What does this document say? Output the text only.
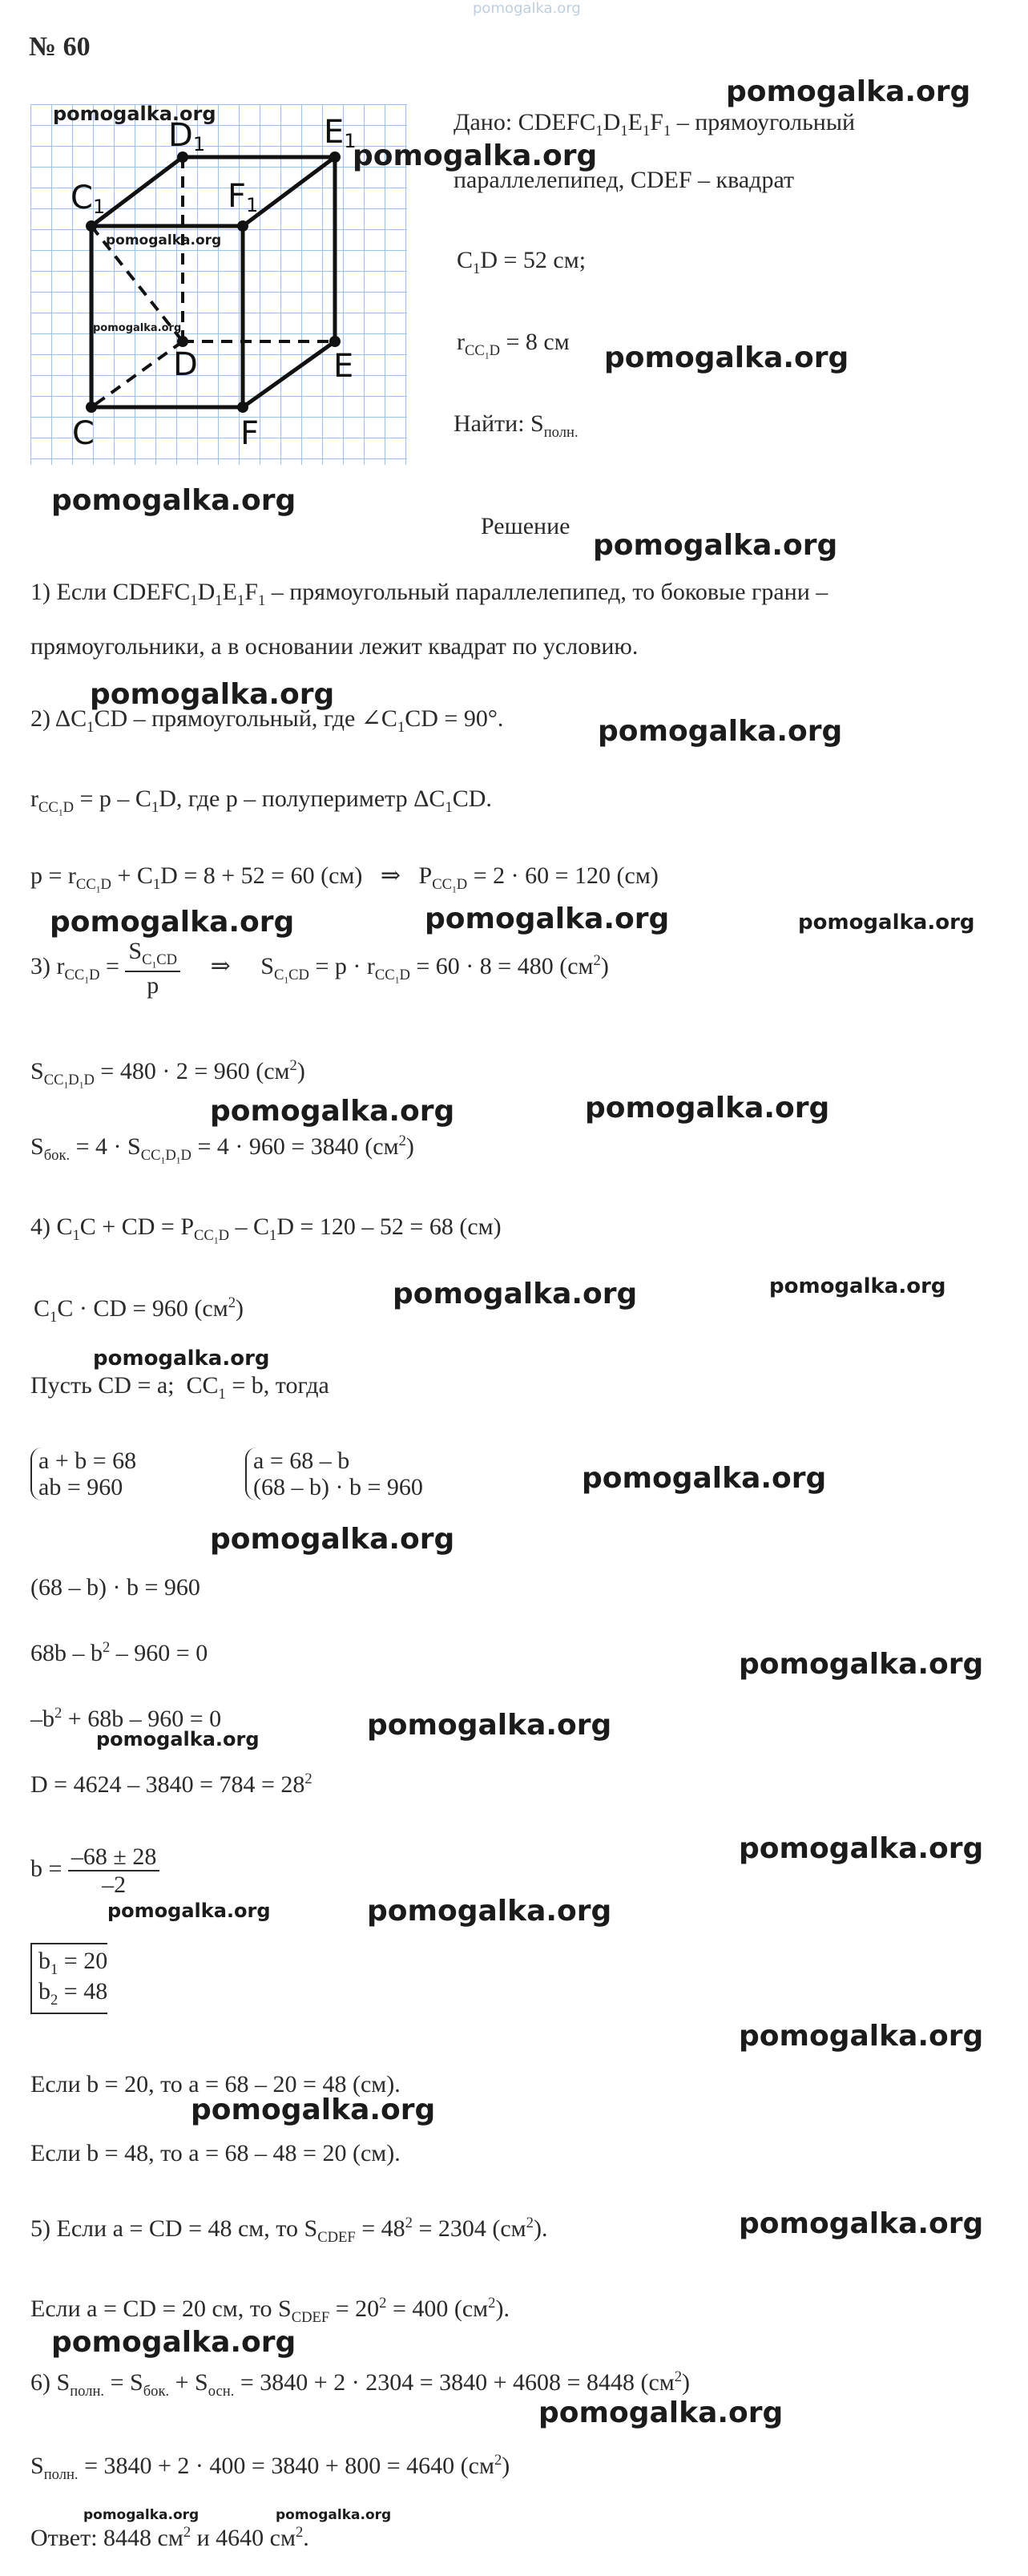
pomogalka.org
№ 60
D1	E1
C1	F1
D	E
C	F
pomogalka.org
pomogalka.org
pomogalka.org
Дано: $CDEFC_1D_1E_1F_1$ – прямоугольный
параллелепипед, CDEF – квадрат
$C_1D = 52$ см;
$r_{CC_1D} = 8$ см
Найти: $S_{полн.}$
pomogalka.org
pomogalka.org
pomogalka.org
pomogalka.org
Решение
pomogalka.org
1) Если $CDEFC_1D_1E_1F_1$ – прямоугольный параллелепипед, то боковые грани –
прямоугольники, а в основании лежит квадрат по условию.
pomogalka.org
2) $\Delta C_1CD$ – прямоугольный, где $\angle C_1CD = 90^\circ$.	pomogalka.org
$r_{CC_1D} = p - C_1D$, где p – полупериметр $\Delta C_1CD$.
$p = r_{CC_1D} + C_1D = 8 + 52 = 60$ (см)   ⇒   $P_{CC_1D} = 2 \cdot 60 = 120$ (см)
pomogalka.org	pomogalka.org	pomogalka.org
3) $r_{CC_1D} = \frac{S_{C_1CD}}{p}$ ⇒     $S_{C_1CD} = p \cdot r_{CC_1D} = 60 \cdot 8 = 480$ $(см^2)$
$S_{CC_1D_1D} = 480 \cdot 2 = 960$ $(см^2)$
pomogalka.org	pomogalka.org
$S_{бок.} = 4 \cdot S_{CC_1D_1D} = 4 \cdot 960 = 3840$ $(см^2)$
4) $C_1C$ + CD = $P_{CC_1D} - C_1D = 120 - 52 = 68$ (см)
$C_1C$ · CD = 960 $(см^2)$	pomogalka.org	pomogalka.org
pomogalka.org
Пусть CD = a;  $CC_1 = b$, тогда
a + b = 68
ab = 960
a = 68 – b
(68 – b) · b = 960	pomogalka.org
pomogalka.org
(68 – b) · b = 960
$68b - b^2 - 960 = 0$	pomogalka.org
$-b^2 + 68b - 960 = 0$	pomogalka.org
pomogalka.org
$D = 4624 - 3840 = 784 = 28^2$
$b = \frac{-68 \pm 28}{-2}$	pomogalka.org
pomogalka.org
pomogalka.org
$b_1 = 20$
$b_2 = 48$
pomogalka.org
Если b = 20, то a = 68 – 20 = 48 (см).
pomogalka.org
Если b = 48, то a = 68 – 48 = 20 (см).
5) Если a = CD = 48 см, то $S_{CDEF} = 48^2 = 2304$ $(см^2)$.	pomogalka.org
Если a = CD = 20 см, то $S_{CDEF} = 20^2 = 400$ $(см^2)$.
pomogalka.org
6) $S_{полн.} = S_{бок.} + S_{осн.} = 3840 + 2 \cdot 2304 = 3840 + 4608 = 8448$ $(см^2)$
pomogalka.org
$S_{полн.} = 3840 + 2 \cdot 400 = 3840 + 800 = 4640$ $(см^2)$
pomogalka.org	pomogalka.org
Ответ: 8448 $см^2$ и 4640 $см^2$.
